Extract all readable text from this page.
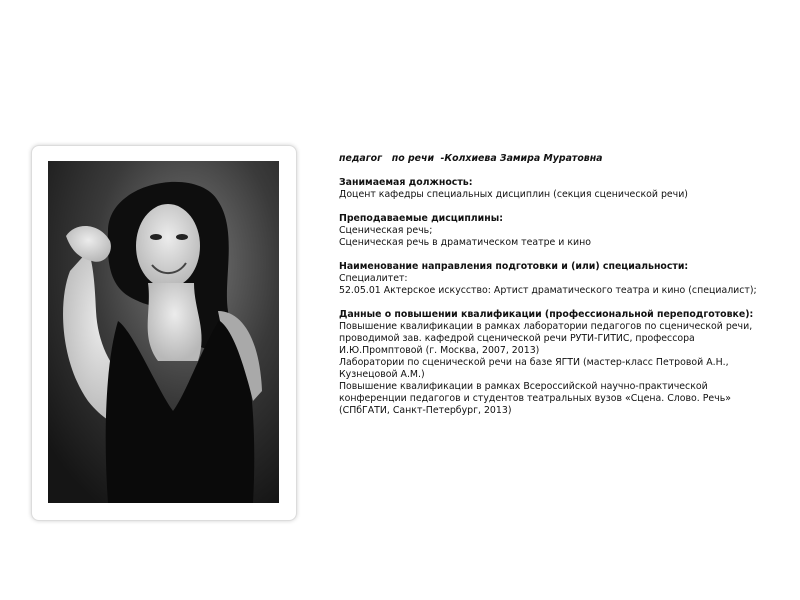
педагог   по речи  -Колхиева Замира Муратовна
Занимаемая должность:
Доцент кафедры специальных дисциплин (секция сценической речи)
Преподаваемые дисциплины:
Сценическая речь;
Сценическая речь в драматическом театре и кино
Наименование направления подготовки и (или) специальности:
Специалитет:
52.05.01 Актерское искусство: Артист драматического театра и кино (специалист);
Данные о повышении квалификации (профессиональной переподготовке):
Повышение квалификации в рамках лаборатории педагогов по сценической речи, проводимой зав. кафедрой сценической речи РУТИ-ГИТИС, профессора И.Ю.Промптовой (г. Москва, 2007, 2013)
Лаборатории по сценической речи на базе ЯГТИ (мастер-класс Петровой А.Н., Кузнецовой А.М.)
Повышение квалификации в рамках Всероссийской научно-практической конференции педагогов и студентов театральных вузов «Сцена. Слово. Речь» (СПбГАТИ, Санкт-Петербург, 2013)
